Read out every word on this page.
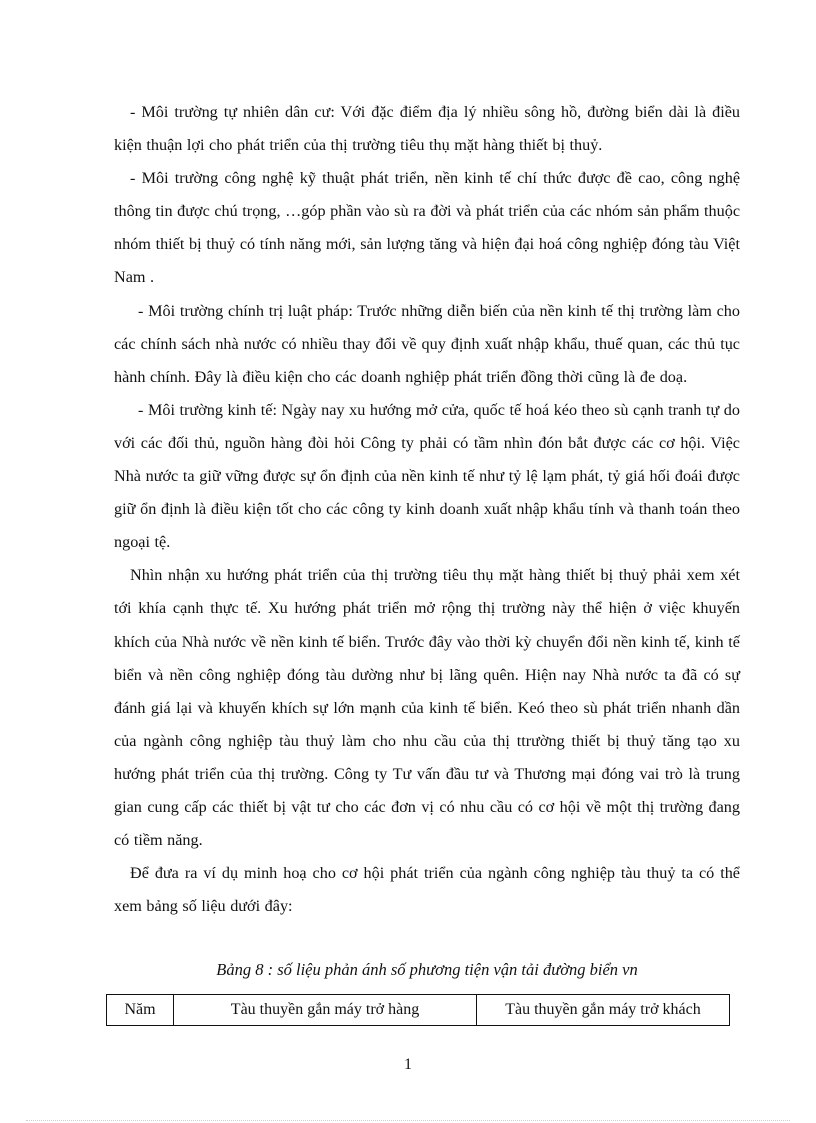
- Môi trường tự nhiên dân cư: Với đặc điểm địa lý nhiều sông hồ, đường biển dài là điều kiện thuận lợi cho phát triển của thị trường tiêu thụ mặt hàng thiết bị thuỷ.

- Môi trường công nghệ kỹ thuật phát triển, nền kinh tế chí thức được đề cao, công nghệ thông tin được chú trọng, …góp phần vào sù ra đời và phát triển của các nhóm sản phẩm thuộc nhóm thiết bị thuỷ có tính năng mới, sản lượng tăng và hiện đại hoá công nghiệp đóng tàu Việt Nam .

- Môi trường chính trị luật pháp: Trước những diễn biến của nền kinh tế thị trường làm cho các chính sách nhà nước có nhiều thay đổi về quy định xuất nhập khẩu, thuế quan, các thủ tục hành chính. Đây là điều kiện cho các doanh nghiệp phát triển đồng thời cũng là đe doạ.

- Môi trường kinh tế: Ngày nay xu hướng mở cửa, quốc tế hoá kéo theo sù cạnh tranh tự do với các đối thủ, nguồn hàng đòi hỏi Công ty phải có tầm nhìn đón bắt được các cơ hội. Việc Nhà nước ta giữ vững được sự ổn định của nền kinh tế như tỷ lệ lạm phát, tỷ giá hối đoái được giữ ổn định là điều kiện tốt cho các công ty kinh doanh xuất nhập khẩu tính và thanh toán theo ngoại tệ.

Nhìn nhận xu hướng phát triển của thị trường tiêu thụ mặt hàng thiết bị thuỷ phải xem xét tới khía cạnh thực tế. Xu hướng phát triển mở rộng thị trường này thể hiện ở việc khuyến khích của Nhà nước về nền kinh tế biển. Trước đây vào thời kỳ chuyển đổi nền kinh tế, kinh tế biển và nền công nghiệp đóng tàu dường như bị lãng quên. Hiện nay Nhà nước ta đã có sự đánh giá lại và khuyến khích sự lớn mạnh của kinh tế biển. Keó theo sù phát triển nhanh dần của ngành công nghiệp tàu thuỷ làm cho nhu cầu của thị ttrường thiết bị thuỷ tăng tạo xu hướng phát triển của thị trường. Công ty Tư vấn đầu tư và Thương mại đóng vai trò là trung gian cung cấp các thiết bị vật tư cho các đơn vị có nhu cầu có cơ hội về một thị trường đang có tiềm năng.

Để đưa ra ví dụ minh hoạ cho cơ hội phát triển của ngành công nghiệp tàu thuỷ ta có thể xem bảng số liệu dưới đây:

Bảng 8 : số liệu phản ánh số phương tiện vận tải đường biển vn
Năm	Tàu thuyền gắn máy trở hàng	Tàu thuyền gắn máy trở khách
1
